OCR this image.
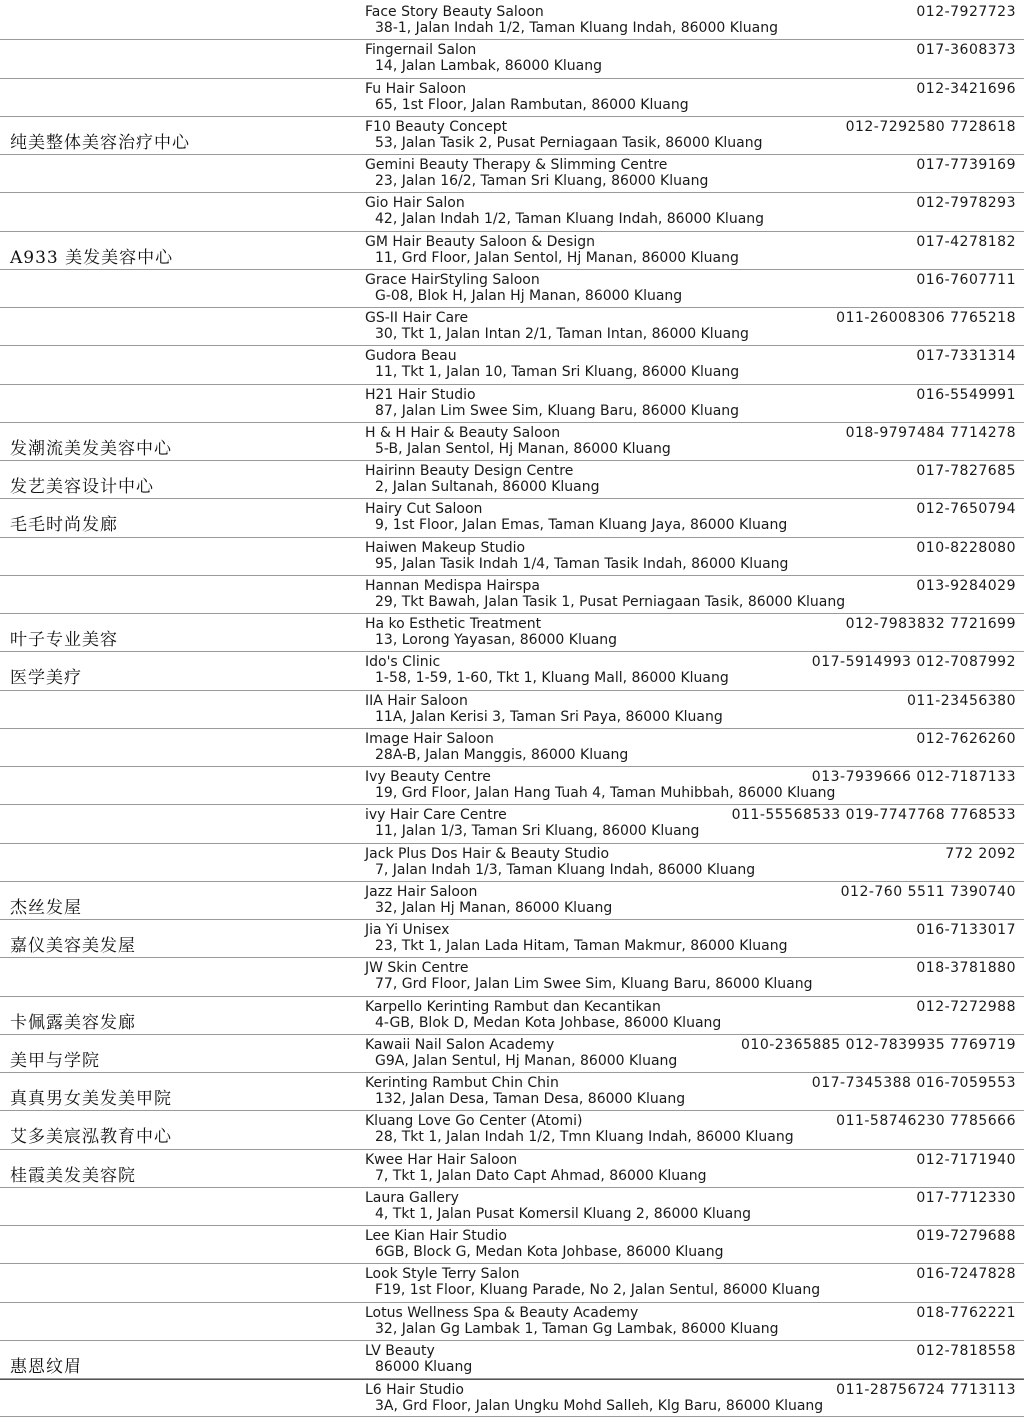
Face Story Beauty Saloon
38-1, Jalan Indah 1/2, Taman Kluang Indah, 86000 Kluang
012-7927723
Fingernail Salon
14, Jalan Lambak, 86000 Kluang
017-3608373
Fu Hair Saloon
65, 1st Floor, Jalan Rambutan, 86000 Kluang
012-3421696
纯美整体美容治疗中心
F10 Beauty Concept
53, Jalan Tasik 2, Pusat Perniagaan Tasik, 86000 Kluang
012-7292580 7728618
Gemini Beauty Therapy & Slimming Centre
23, Jalan 16/2, Taman Sri Kluang, 86000 Kluang
017-7739169
Gio Hair Salon
42, Jalan Indah 1/2, Taman Kluang Indah, 86000 Kluang
012-7978293
A933 美发美容中心
GM Hair Beauty Saloon & Design
11, Grd Floor, Jalan Sentol, Hj Manan, 86000 Kluang
017-4278182
Grace HairStyling Saloon
G-08, Blok H, Jalan Hj Manan, 86000 Kluang
016-7607711
GS-II Hair Care
30, Tkt 1, Jalan Intan 2/1, Taman Intan, 86000 Kluang
011-26008306 7765218
Gudora Beau
11, Tkt 1, Jalan 10, Taman Sri Kluang, 86000 Kluang
017-7331314
H21 Hair Studio
87, Jalan Lim Swee Sim, Kluang Baru, 86000 Kluang
016-5549991
发潮流美发美容中心
H & H Hair & Beauty Saloon
5-B, Jalan Sentol, Hj Manan, 86000 Kluang
018-9797484 7714278
发艺美容设计中心
Hairinn Beauty Design Centre
2, Jalan Sultanah, 86000 Kluang
017-7827685
毛毛时尚发廊
Hairy Cut Saloon
9, 1st Floor, Jalan Emas, Taman Kluang Jaya, 86000 Kluang
012-7650794
Haiwen Makeup Studio
95, Jalan Tasik Indah 1/4, Taman Tasik Indah, 86000 Kluang
010-8228080
Hannan Medispa Hairspa
29, Tkt Bawah, Jalan Tasik 1, Pusat Perniagaan Tasik, 86000 Kluang
013-9284029
叶子专业美容
Ha ko Esthetic Treatment
13, Lorong Yayasan, 86000 Kluang
012-7983832 7721699
医学美疗
Ido's Clinic
1-58, 1-59, 1-60, Tkt 1, Kluang Mall, 86000 Kluang
017-5914993 012-7087992
IIA Hair Saloon
11A, Jalan Kerisi 3, Taman Sri Paya, 86000 Kluang
011-23456380
Image Hair Saloon
28A-B, Jalan Manggis, 86000 Kluang
012-7626260
Ivy Beauty Centre
19, Grd Floor, Jalan Hang Tuah 4, Taman Muhibbah, 86000 Kluang
013-7939666 012-7187133
ivy Hair Care Centre
11, Jalan 1/3, Taman Sri Kluang, 86000 Kluang
011-55568533 019-7747768 7768533
Jack Plus Dos Hair & Beauty Studio
7, Jalan Indah 1/3, Taman Kluang Indah, 86000 Kluang
772 2092
杰丝发屋
Jazz Hair Saloon
32, Jalan Hj Manan, 86000 Kluang
012-760 5511 7390740
嘉仪美容美发屋
Jia Yi Unisex
23, Tkt 1, Jalan Lada Hitam, Taman Makmur, 86000 Kluang
016-7133017
JW Skin Centre
77, Grd Floor, Jalan Lim Swee Sim, Kluang Baru, 86000 Kluang
018-3781880
卡佩露美容发廊
Karpello Kerinting Rambut dan Kecantikan
4-GB, Blok D, Medan Kota Johbase, 86000 Kluang
012-7272988
美甲与学院
Kawaii Nail Salon Academy
G9A, Jalan Sentul, Hj Manan, 86000 Kluang
010-2365885 012-7839935 7769719
真真男女美发美甲院
Kerinting Rambut Chin Chin
132, Jalan Desa, Taman Desa, 86000 Kluang
017-7345388 016-7059553
艾多美宸泓教育中心
Kluang Love Go Center (Atomi)
28, Tkt 1, Jalan Indah 1/2, Tmn Kluang Indah, 86000 Kluang
011-58746230 7785666
桂霞美发美容院
Kwee Har Hair Saloon
7, Tkt 1, Jalan Dato Capt Ahmad, 86000 Kluang
012-7171940
Laura Gallery
4, Tkt 1, Jalan Pusat Komersil Kluang 2, 86000 Kluang
017-7712330
Lee Kian Hair Studio
6GB, Block G, Medan Kota Johbase, 86000 Kluang
019-7279688
Look Style Terry Salon
F19, 1st Floor, Kluang Parade, No 2, Jalan Sentul, 86000 Kluang
016-7247828
Lotus Wellness Spa & Beauty Academy
32, Jalan Gg Lambak 1, Taman Gg Lambak, 86000 Kluang
018-7762221
惠恩纹眉
LV Beauty
86000 Kluang
012-7818558
L6 Hair Studio
3A, Grd Floor, Jalan Ungku Mohd Salleh, Klg Baru, 86000 Kluang
011-28756724 7713113
